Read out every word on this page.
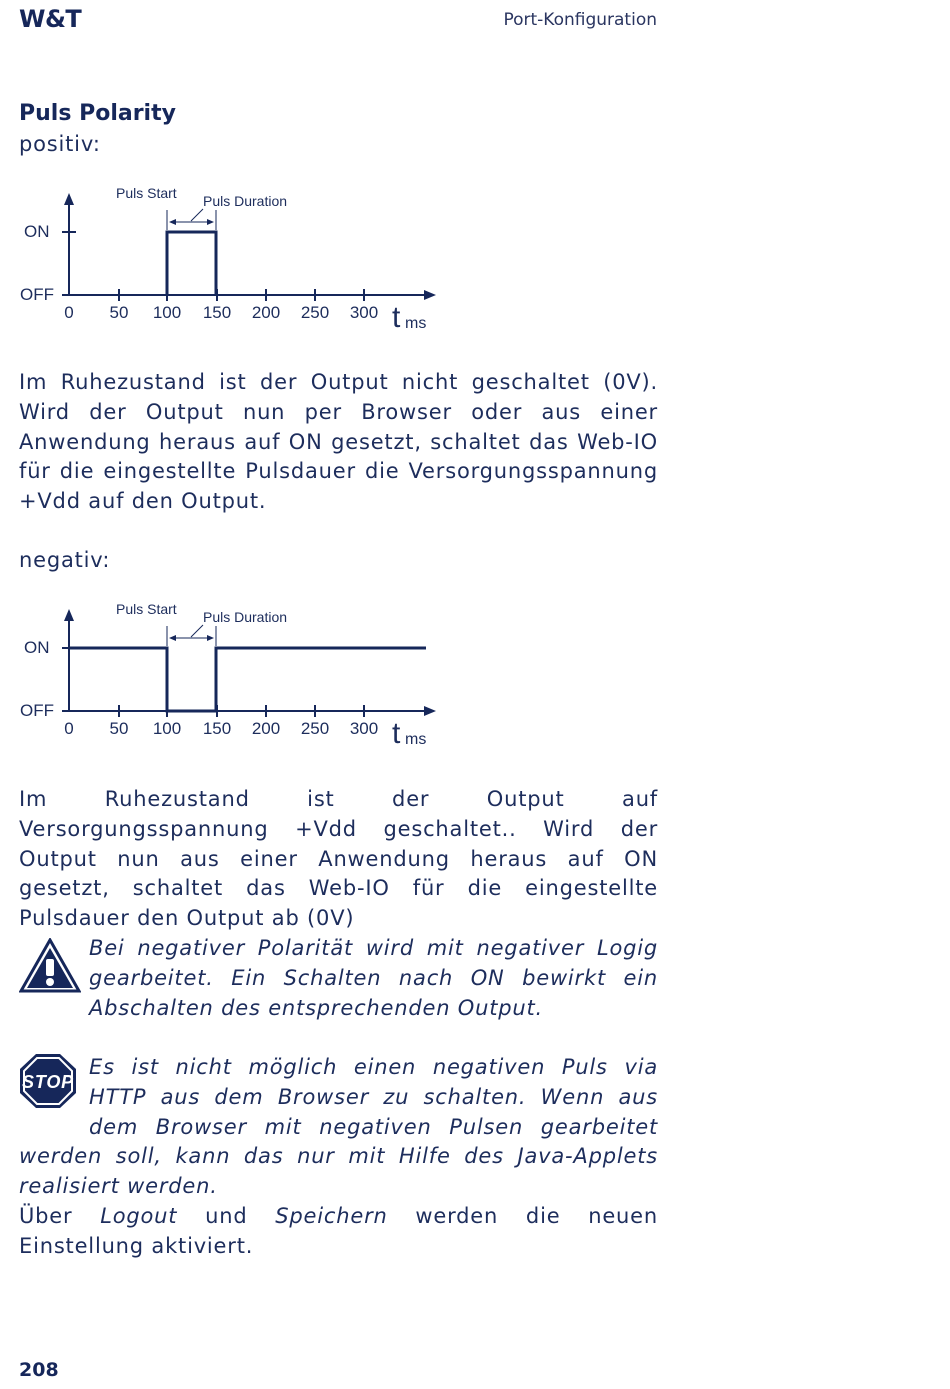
W&T	Port-Konfiguration
Puls Polarity
positiv:
Puls Start Puls Duration
ON
OFF
0 50 100 150 200	300
250 t ms

Im Ruhezustand ist der Output nicht geschaltet (0V). Wird der Output nun per Browser oder aus einer Anwendung heraus auf ON gesetzt, schaltet das Web-IO für die eingestellte Pulsdauer die Versorgungsspannung +Vdd auf den Output.

negativ:
Puls Start Puls Duration
ON
OFF
0 50 100 150 200 250 300 t ms

Im Ruhezustand ist der Output auf Versorgungsspannung +Vdd geschaltet.. Wird der Output nun aus einer Anwendung heraus auf ON gesetzt, schaltet das Web-IO für die eingestellte Pulsdauer den Output ab (0V)

Bei negativer Polarität wird mit negativer Logig gearbeitet. Ein Schalten nach ON bewirkt ein Abschalten des entsprechenden Output.
STOP
Es ist nicht möglich einen negativen Puls via HTTP aus dem Browser zu schalten. Wenn aus dem Browser mit negativen Pulsen gearbeitet werden soll, kann das nur mit Hilfe des Java-Applets realisiert werden.

Über Logout und Speichern werden die neuen Einstellung aktiviert.

208
